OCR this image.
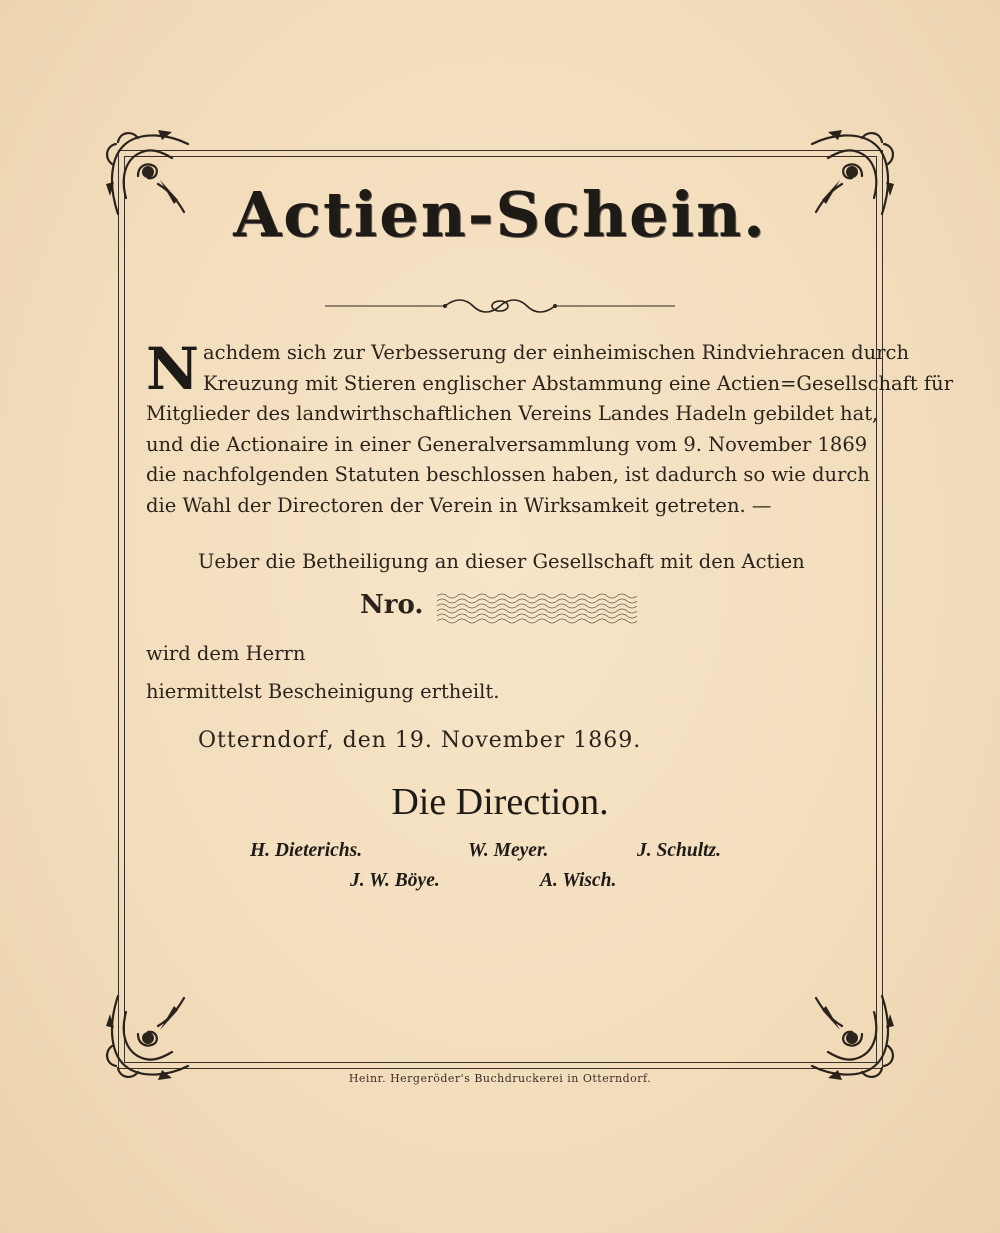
Actien-Schein.
N achdem sich zur Verbesserung der einheimischen Rindviehracen durch
Kreuzung mit Stieren englischer Abstammung eine Actien=Gesellschaft für
Mitglieder des landwirthschaftlichen Vereins Landes Hadeln gebildet hat,
und die Actionaire in einer Generalversammlung vom 9. November 1869
die nachfolgenden Statuten beschlossen haben, ist dadurch so wie durch
die Wahl der Directoren der Verein in Wirksamkeit getreten. —
Ueber die Betheiligung an dieser Gesellschaft mit den Actien
Nro.
wird dem Herrn
hiermittelst Bescheinigung ertheilt.
Otterndorf, den 19. November 1869.
Die Direction.
H. Dieterichs.	W. Meyer.	J. Schultz.
J. W. Böye.	A. Wisch.
Heinr. Hergeröder's Buchdruckerei in Otterndorf.
